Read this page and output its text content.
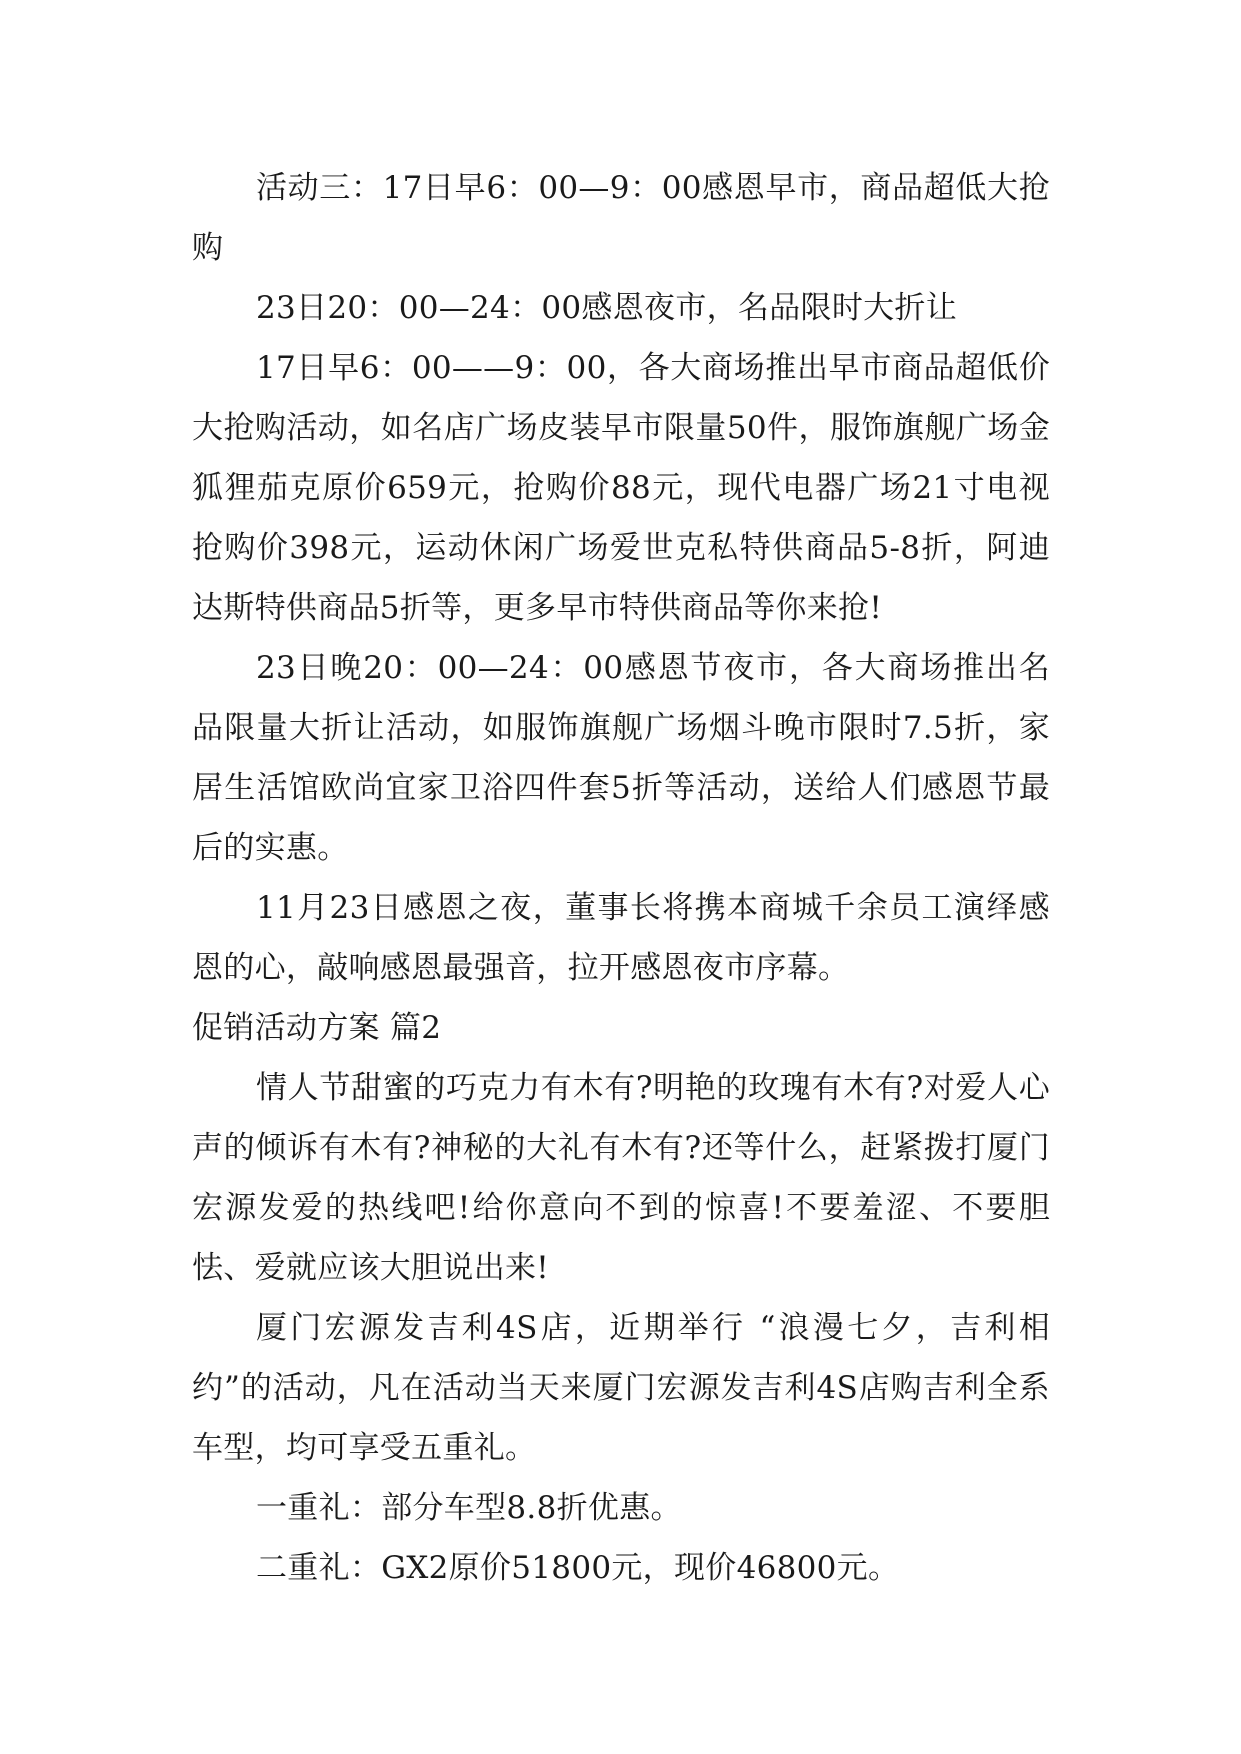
活动三：17日早6：00—9：00感恩早市，商品超低大抢购

23日20：00—24：00感恩夜市，名品限时大折让

17日早6：00——9：00，各大商场推出早市商品超低价大抢购活动，如名店广场皮装早市限量50件，服饰旗舰广场金狐狸茄克原价659元，抢购价88元，现代电器广场21寸电视抢购价398元，运动休闲广场爱世克私特供商品5-8折，阿迪达斯特供商品5折等，更多早市特供商品等你来抢!

23日晚20：00—24：00感恩节夜市，各大商场推出名品限量大折让活动，如服饰旗舰广场烟斗晚市限时7.5折，家居生活馆欧尚宜家卫浴四件套5折等活动，送给人们感恩节最后的实惠。

11月23日感恩之夜，董事长将携本商城千余员工演绎感恩的心，敲响感恩最强音，拉开感恩夜市序幕。

促销活动方案 篇2

情人节甜蜜的巧克力有木有?明艳的玫瑰有木有?对爱人心声的倾诉有木有?神秘的大礼有木有?还等什么，赶紧拨打厦门宏源发爱的热线吧!给你意向不到的惊喜!不要羞涩、不要胆怯、爱就应该大胆说出来!

厦门宏源发吉利4S店，近期举行 “浪漫七夕，吉利相约”的活动，凡在活动当天来厦门宏源发吉利4S店购吉利全系车型，均可享受五重礼。

一重礼：部分车型8.8折优惠。

二重礼：GX2原价51800元，现价46800元。
